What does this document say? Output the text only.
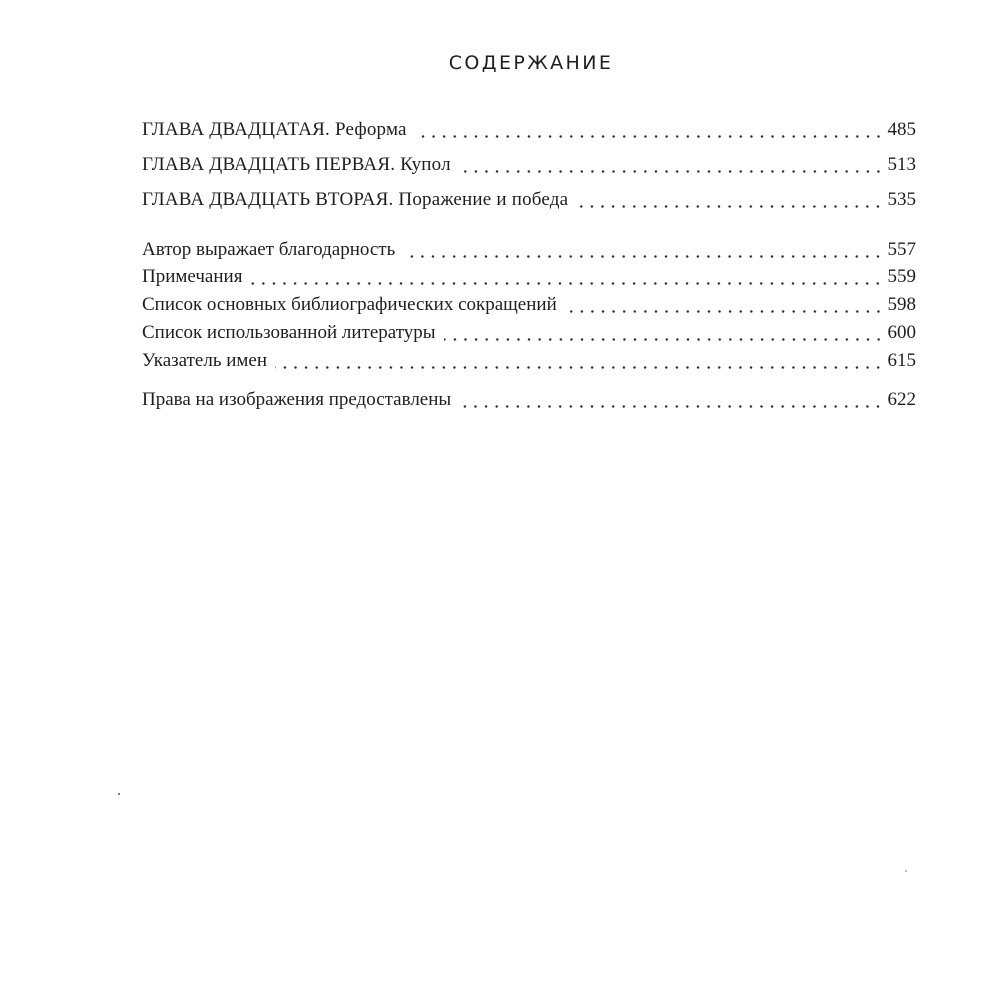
СОДЕРЖАНИЕ
ГЛАВА ДВАДЦАТАЯ. Реформа	485
ГЛАВА ДВАДЦАТЬ ПЕРВАЯ. Купол	513
ГЛАВА ДВАДЦАТЬ ВТОРАЯ. Поражение и победа	535
Автор выражает благодарность	557
Примечания	559
Список основных библиографических сокращений	598
Список использованной литературы	600
Указатель имен	615
Права на изображения предоставлены	622
